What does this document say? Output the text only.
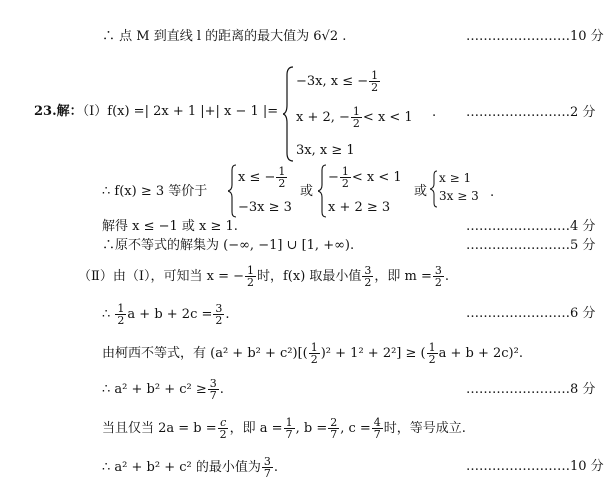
∴ 点 M 到直线 l 的距离的最大值为 6√2 .	……………………10 分
23.解：（Ⅰ）f(x) =| 2x + 1 |+| x − 1 |=
−3x, x ≤ − $\frac{1}{2}$
x + 2, − $\frac{1}{2} < x < 1$
3x, x ≥ 1
. ……………………2 分
∴ f(x) ≥ 3 等价于
x ≤ − $\frac{1}{2}$
−3x ≥ 3
或
− $\frac{1}{2} < x < 1$
x + 2 ≥ 3
或
x ≥ 1
3x ≥ 3 .
解得 x ≤ −1 或 x ≥ 1.	……………………4 分
∴原不等式的解集为 (−∞, −1] ∪ [1, +∞).	……………………5 分
（Ⅱ）由（Ⅰ），可知当 x = − $\frac{1}{2}$ 时，f(x) 取最小值 $\frac{3}{2}$ ，即 $m = \frac{3}{2}$ .
∴ $\frac{1}{2}$ $a + b + 2c = \frac{3}{2}$ .	……………………6 分
由柯西不等式，有 $(a^2 + b^2 + c^2)[( \frac{1}{2} )^2 + 1^2 + 2^2]$ ≥ ( $\frac{1}{2}$ a + b + 2c)².
∴ $a^2 + b^2 + c^2 \ge \frac{3}{7}$ .	……………………8 分
当且仅当 $2a = b = \frac{c}{2}$ ，即 $a = \frac{1}{7}$ , $b = \frac{2}{7}$ , $c = \frac{4}{7}$ 时，等号成立.
∴ a² + b² + c² 的最小值为 $\frac{3}{7}$ .	……………………10 分
